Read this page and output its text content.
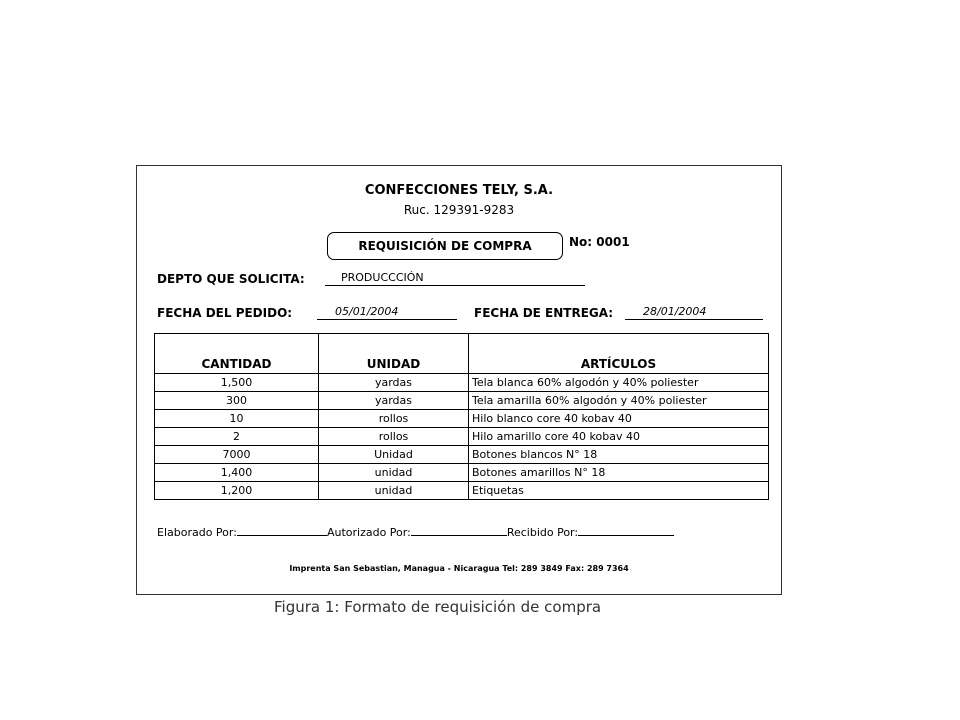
CONFECCIONES TELY, S.A.
Ruc. 129391-9283
REQUISICIÓN DE COMPRA	No: 0001
DEPTO QUE SOLICITA:	PRODUCCCIÓN
FECHA DEL PEDIDO:	05/01/2004	FECHA DE ENTREGA:	28/01/2004
CANTIDAD	UNIDAD	ARTÍCULOS
1,500	yardas	Tela blanca 60% algodón y 40% poliester
300	yardas	Tela amarilla 60% algodón y 40% poliester
10	rollos	Hilo blanco core 40 kobav 40
2	rollos	Hilo amarillo core 40 kobav 40
7000	Unidad	Botones blancos N° 18
1,400	unidad	Botones amarillos N° 18
1,200	unidad	Etiquetas
Elaborado Por:	Autorizado Por:	Recibido Por:
Imprenta San Sebastian, Managua - Nicaragua Tel: 289 3849 Fax: 289 7364
Figura 1: Formato de requisición de compra
